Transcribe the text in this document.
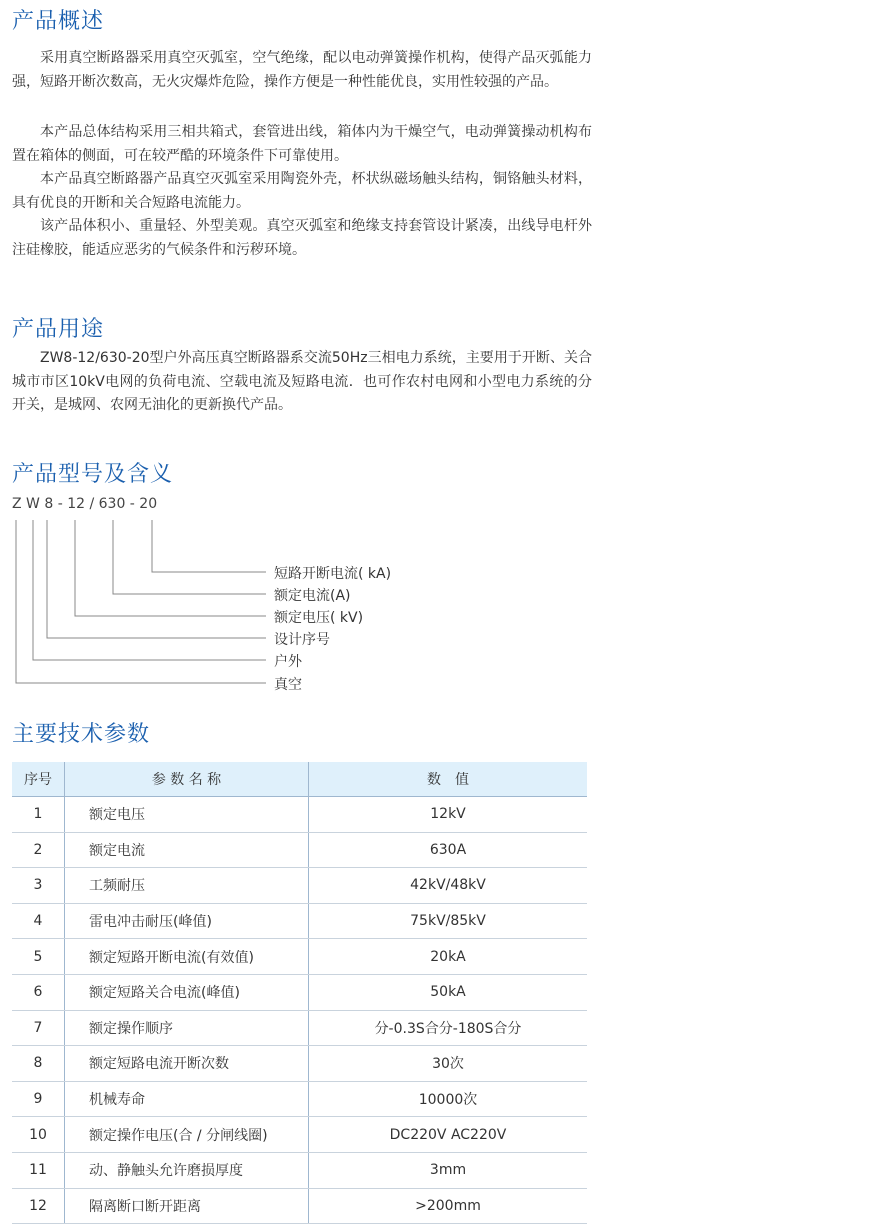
产品概述

采用真空断路器采用真空灭弧室，空气绝缘，配以电动弹簧操作机构，使得产品灭弧能力强，短路开断次数高，无火灾爆炸危险，操作方便是一种性能优良，实用性较强的产品。

本产品总体结构采用三相共箱式，套管进出线，箱体内为干燥空气，电动弹簧操动机构布置在箱体的侧面，可在较严酷的环境条件下可靠使用。

本产品真空断路器产品真空灭弧室采用陶瓷外壳，杯状纵磁场触头结构，铜铬触头材料，具有优良的开断和关合短路电流能力。

该产品体积小、重量轻、外型美观。真空灭弧室和绝缘支持套管设计紧凑，出线导电杆外注硅橡胶，能适应恶劣的气候条件和污秽环境。

产品用途

ZW8-12/630-20型户外高压真空断路器系交流50Hz三相电力系统，主要用于开断、关合城市市区10kV电网的负荷电流、空载电流及短路电流．也可作农村电网和小型电力系统的分开关，是城网、农网无油化的更新换代产品。

产品型号及含义
Z W 8 - 12 / 630 - 20
短路开断电流( kA)
额定电流(A)
额定电压( kV)
设计序号
户外
真空
主要技术参数
序号	参 数 名 称	数　值
1	额定电压	12kV
2	额定电流	630A
3	工频耐压	42kV/48kV
4	雷电冲击耐压(峰值)	75kV/85kV
5	额定短路开断电流(有效值)	20kA
6	额定短路关合电流(峰值)	50kA
7	额定操作顺序	分-0.3S合分-180S合分
8	额定短路电流开断次数	30次
9	机械寿命	10000次
10	额定操作电压(合 / 分闸线圈)	DC220V AC220V
11	动、静触头允许磨损厚度	3mm
12	隔离断口断开距离	>200mm
